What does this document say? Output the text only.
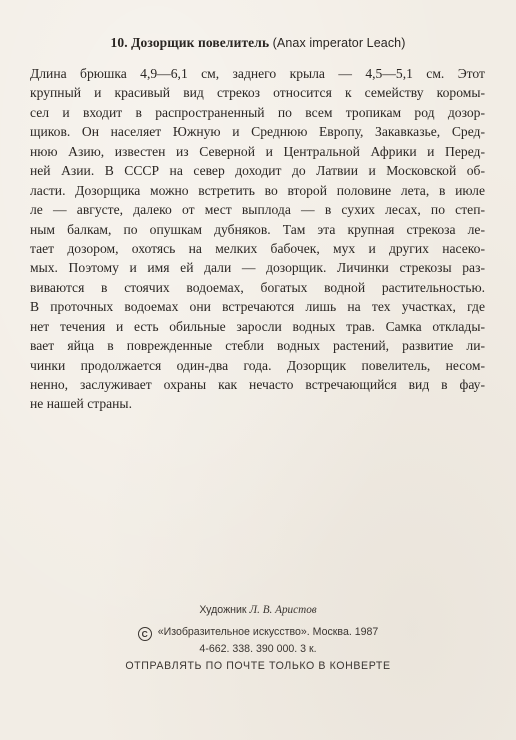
10. Дозорщик повелитель (Anax imperator Leach)
Длина брюшка 4,9—6,1 см, заднего крыла — 4,5—5,1 см. Этот
крупный и красивый вид стрекоз относится к семейству коромы-
сел и входит в распространенный по всем тропикам род дозор-
щиков. Он населяет Южную и Среднюю Европу, Закавказье, Сред-
нюю Азию, известен из Северной и Центральной Африки и Перед-
ней Азии. В СССР на север доходит до Латвии и Московской об-
ласти. Дозорщика можно встретить во второй половине лета, в июле
ле — августе, далеко от мест выплода — в сухих лесах, по степ-
ным балкам, по опушкам дубняков. Там эта крупная стрекоза ле-
тает дозором, охотясь на мелких бабочек, мух и других насеко-
мых. Поэтому и имя ей дали — дозорщик. Личинки стрекозы раз-
виваются в стоячих водоемах, богатых водной растительностью.
В проточных водоемах они встречаются лишь на тех участках, где
нет течения и есть обильные заросли водных трав. Самка отклады-
вает яйца в поврежденные стебли водных растений, развитие ли-
чинки продолжается один-два года. Дозорщик повелитель, несом-
ненно, заслуживает охраны как нечасто встречающийся вид в фау-
не нашей страны.
Художник Л. В. Аристов
С «Изобразительное искусство». Москва. 1987
4-662. 338. 390 000. 3 к.
ОТПРАВЛЯТЬ ПО ПОЧТЕ ТОЛЬКО В КОНВЕРТЕ
